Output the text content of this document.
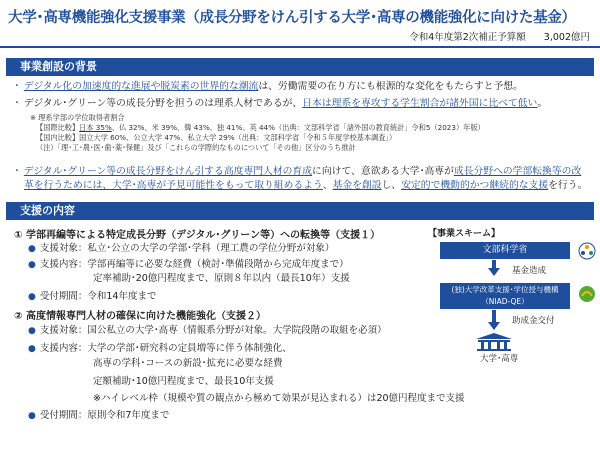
大学･高専機能強化支援事業（成長分野をけん引する大学･高専の機能強化に向けた基金）
令和4年度第2次補正予算額 3,002億円
事業創設の背景
・ デジタル化の加速度的な進展や脱炭素の世界的な潮流は、労働需要の在り方にも根源的な変化をもたらすと予想。
・ デジタル･グリーン等の成長分野を担うのは理系人材であるが、日本は理系を専攻する学生割合が諸外国に比べて低い。
※ 理系学部の学位取得者割合
【国際比較】日本 35%、仏 32%、米 39%、韓 43%、独 41%、英 44%（出典：文部科学省「諸外国の教育統計」令和5（2023）年版）
【国内比較】国立大学 60%、公立大学 47%、私立大学 29%（出典：文部科学省「令和５年度学校基本調査」）
（注）「理･工･農･医･歯･薬･保健」及び「これらの学際的なものについて「その他」区分のうち推計
・ デジタル･グリーン等の成長分野をけん引する高度専門人材の育成に向けて、意欲ある大学･高専が成長分野への学部転換等の改
革を行うためには、大学･高専が予見可能性をもって取り組めるよう、基金を創設し、安定的で機動的かつ継続的な支援を行う。
支援の内容
① 学部再編等による特定成長分野（デジタル･グリーン等）への転換等（支援１）
● 支援対象：私立･公立の大学の学部･学科（理工農の学位分野が対象）
● 支援内容：学部再編等に必要な経費（検討･準備段階から完成年度まで）
定率補助･20億円程度まで、原則８年以内（最長10年）支援
● 受付期間：令和14年度まで
② 高度情報専門人材の確保に向けた機能強化（支援２）
● 支援対象：国公私立の大学･高専（情報系分野が対象。大学院段階の取組を必須）
● 支援内容：大学の学部･研究科の定員増等に伴う体制強化、
高専の学科･コースの新設･拡充に必要な経費
定額補助･10億円程度まで、最長10年支援
※ハイレベル枠（規模や質の観点から極めて効果が見込まれる）は20億円程度まで支援
● 受付期間：原則令和7年度まで
【事業スキーム】
文部科学省
基金造成
(独)大学改革支援･学位授与機構
（NIAD-QE）
助成金交付
大学･高専
